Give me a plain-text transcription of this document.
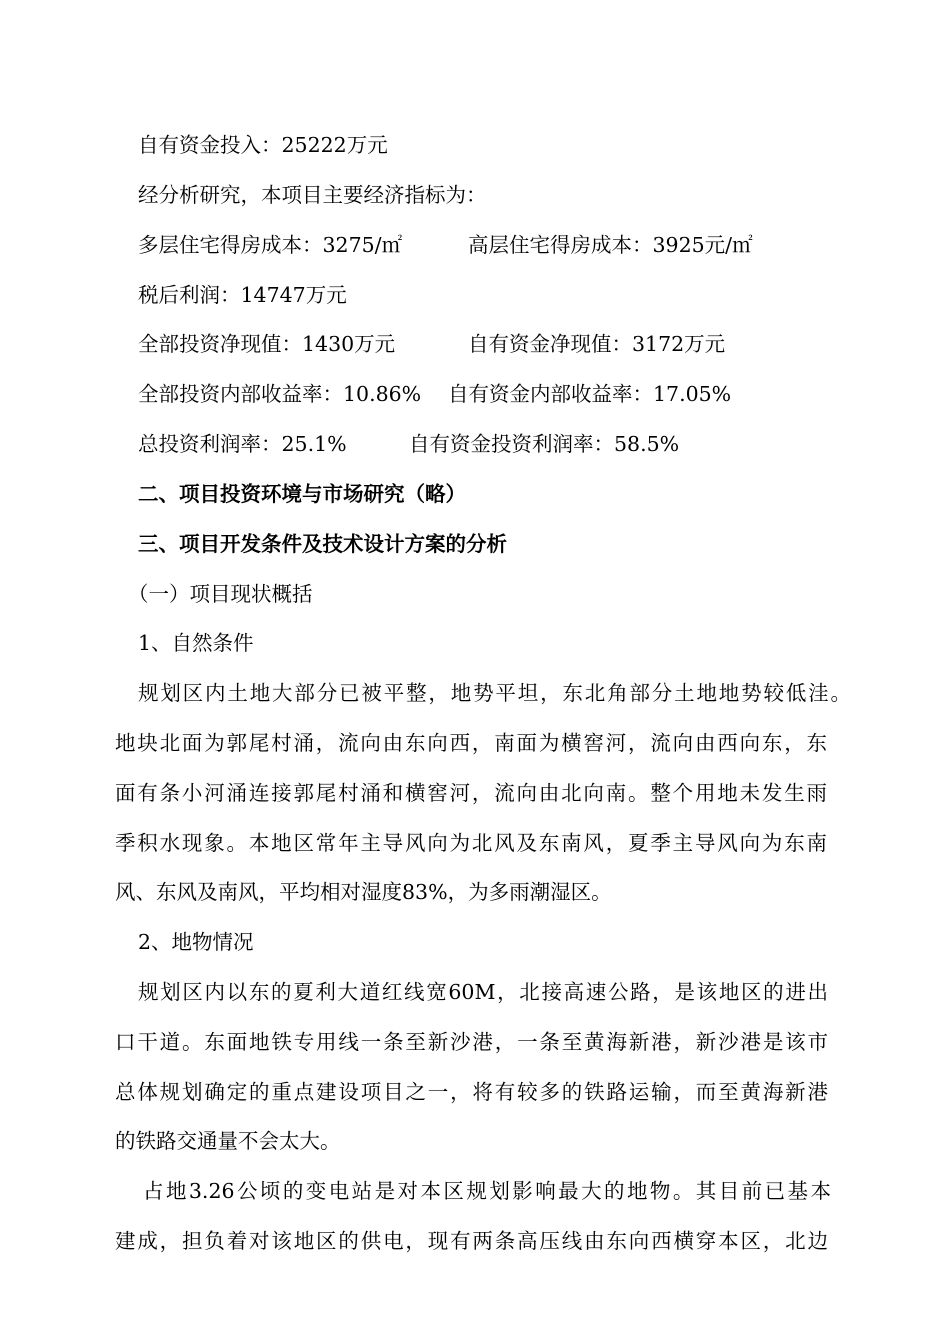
自有资金投入：25222万元
经分析研究，本项目主要经济指标为：
多层住宅得房成本：3275/㎡	高层住宅得房成本：3925元/㎡
税后利润：14747万元
全部投资净现值：1430万元	自有资金净现值：3172万元
全部投资内部收益率：10.86% 自有资金内部收益率：17.05%
总投资利润率：25.1%	自有资金投资利润率：58.5%
二、项目投资环境与市场研究（略）
三、项目开发条件及技术设计方案的分析
（一）项目现状概括
1、自然条件
规划区内土地大部分已被平整，地势平坦，东北角部分土地地势较低洼。
地块北面为郭尾村涌，流向由东向西，南面为横窖河，流向由西向东，东
面有条小河涌连接郭尾村涌和横窖河，流向由北向南。整个用地未发生雨
季积水现象。本地区常年主导风向为北风及东南风，夏季主导风向为东南
风、东风及南风，平均相对湿度83%，为多雨潮湿区。
2、地物情况
规划区内以东的夏利大道红线宽60M，北接高速公路，是该地区的进出
口干道。东面地铁专用线一条至新沙港，一条至黄海新港，新沙港是该市
总体规划确定的重点建设项目之一，将有较多的铁路运输，而至黄海新港
的铁路交通量不会太大。
占地3.26公顷的变电站是对本区规划影响最大的地物。其目前已基本
建成，担负着对该地区的供电，现有两条高压线由东向西横穿本区，北边
